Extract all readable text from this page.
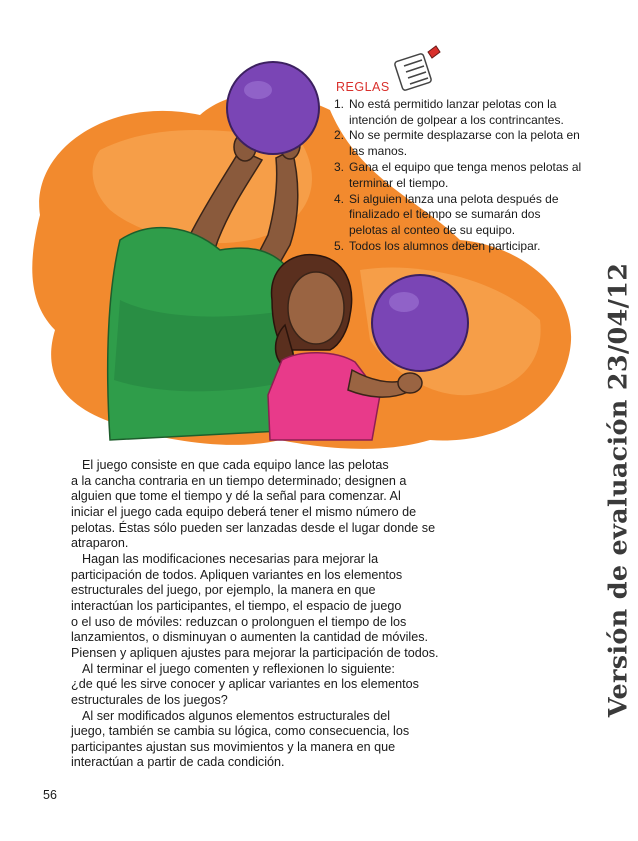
REGLAS
1. No está permitido lanzar pelotas con la intención de golpear a los contrincantes.
2. No se permite desplazarse con la pelota en las manos.
3. Gana el equipo que tenga menos pelotas al terminar el tiempo.
4. Si alguien lanza una pelota después de finalizado el tiempo se sumarán dos pelotas al conteo de su equipo.
5. Todos los alumnos deben participar.
Versión de evaluación 23/04/12

El juego consiste en que cada equipo lance las pelotas
a la cancha contraria en un tiempo determinado; designen a
alguien que tome el tiempo y dé la señal para comenzar. Al
iniciar el juego cada equipo deberá tener el mismo número de
pelotas. Éstas sólo pueden ser lanzadas desde el lugar donde se
atraparon.

Hagan las modificaciones necesarias para mejorar la
participación de todos. Apliquen variantes en los elementos
estructurales del juego, por ejemplo, la manera en que
interactúan los participantes, el tiempo, el espacio de juego
o el uso de móviles: reduzcan o prolonguen el tiempo de los
lanzamientos, o disminuyan o aumenten la cantidad de móviles.
Piensen y apliquen ajustes para mejorar la participación de todos.

Al terminar el juego comenten y reflexionen lo siguiente:
¿de qué les sirve conocer y aplicar variantes en los elementos
estructurales de los juegos?

Al ser modificados algunos elementos estructurales del
juego, también se cambia su lógica, como consecuencia, los
participantes ajustan sus movimientos y la manera en que
interactúan a partir de cada condición.

56
